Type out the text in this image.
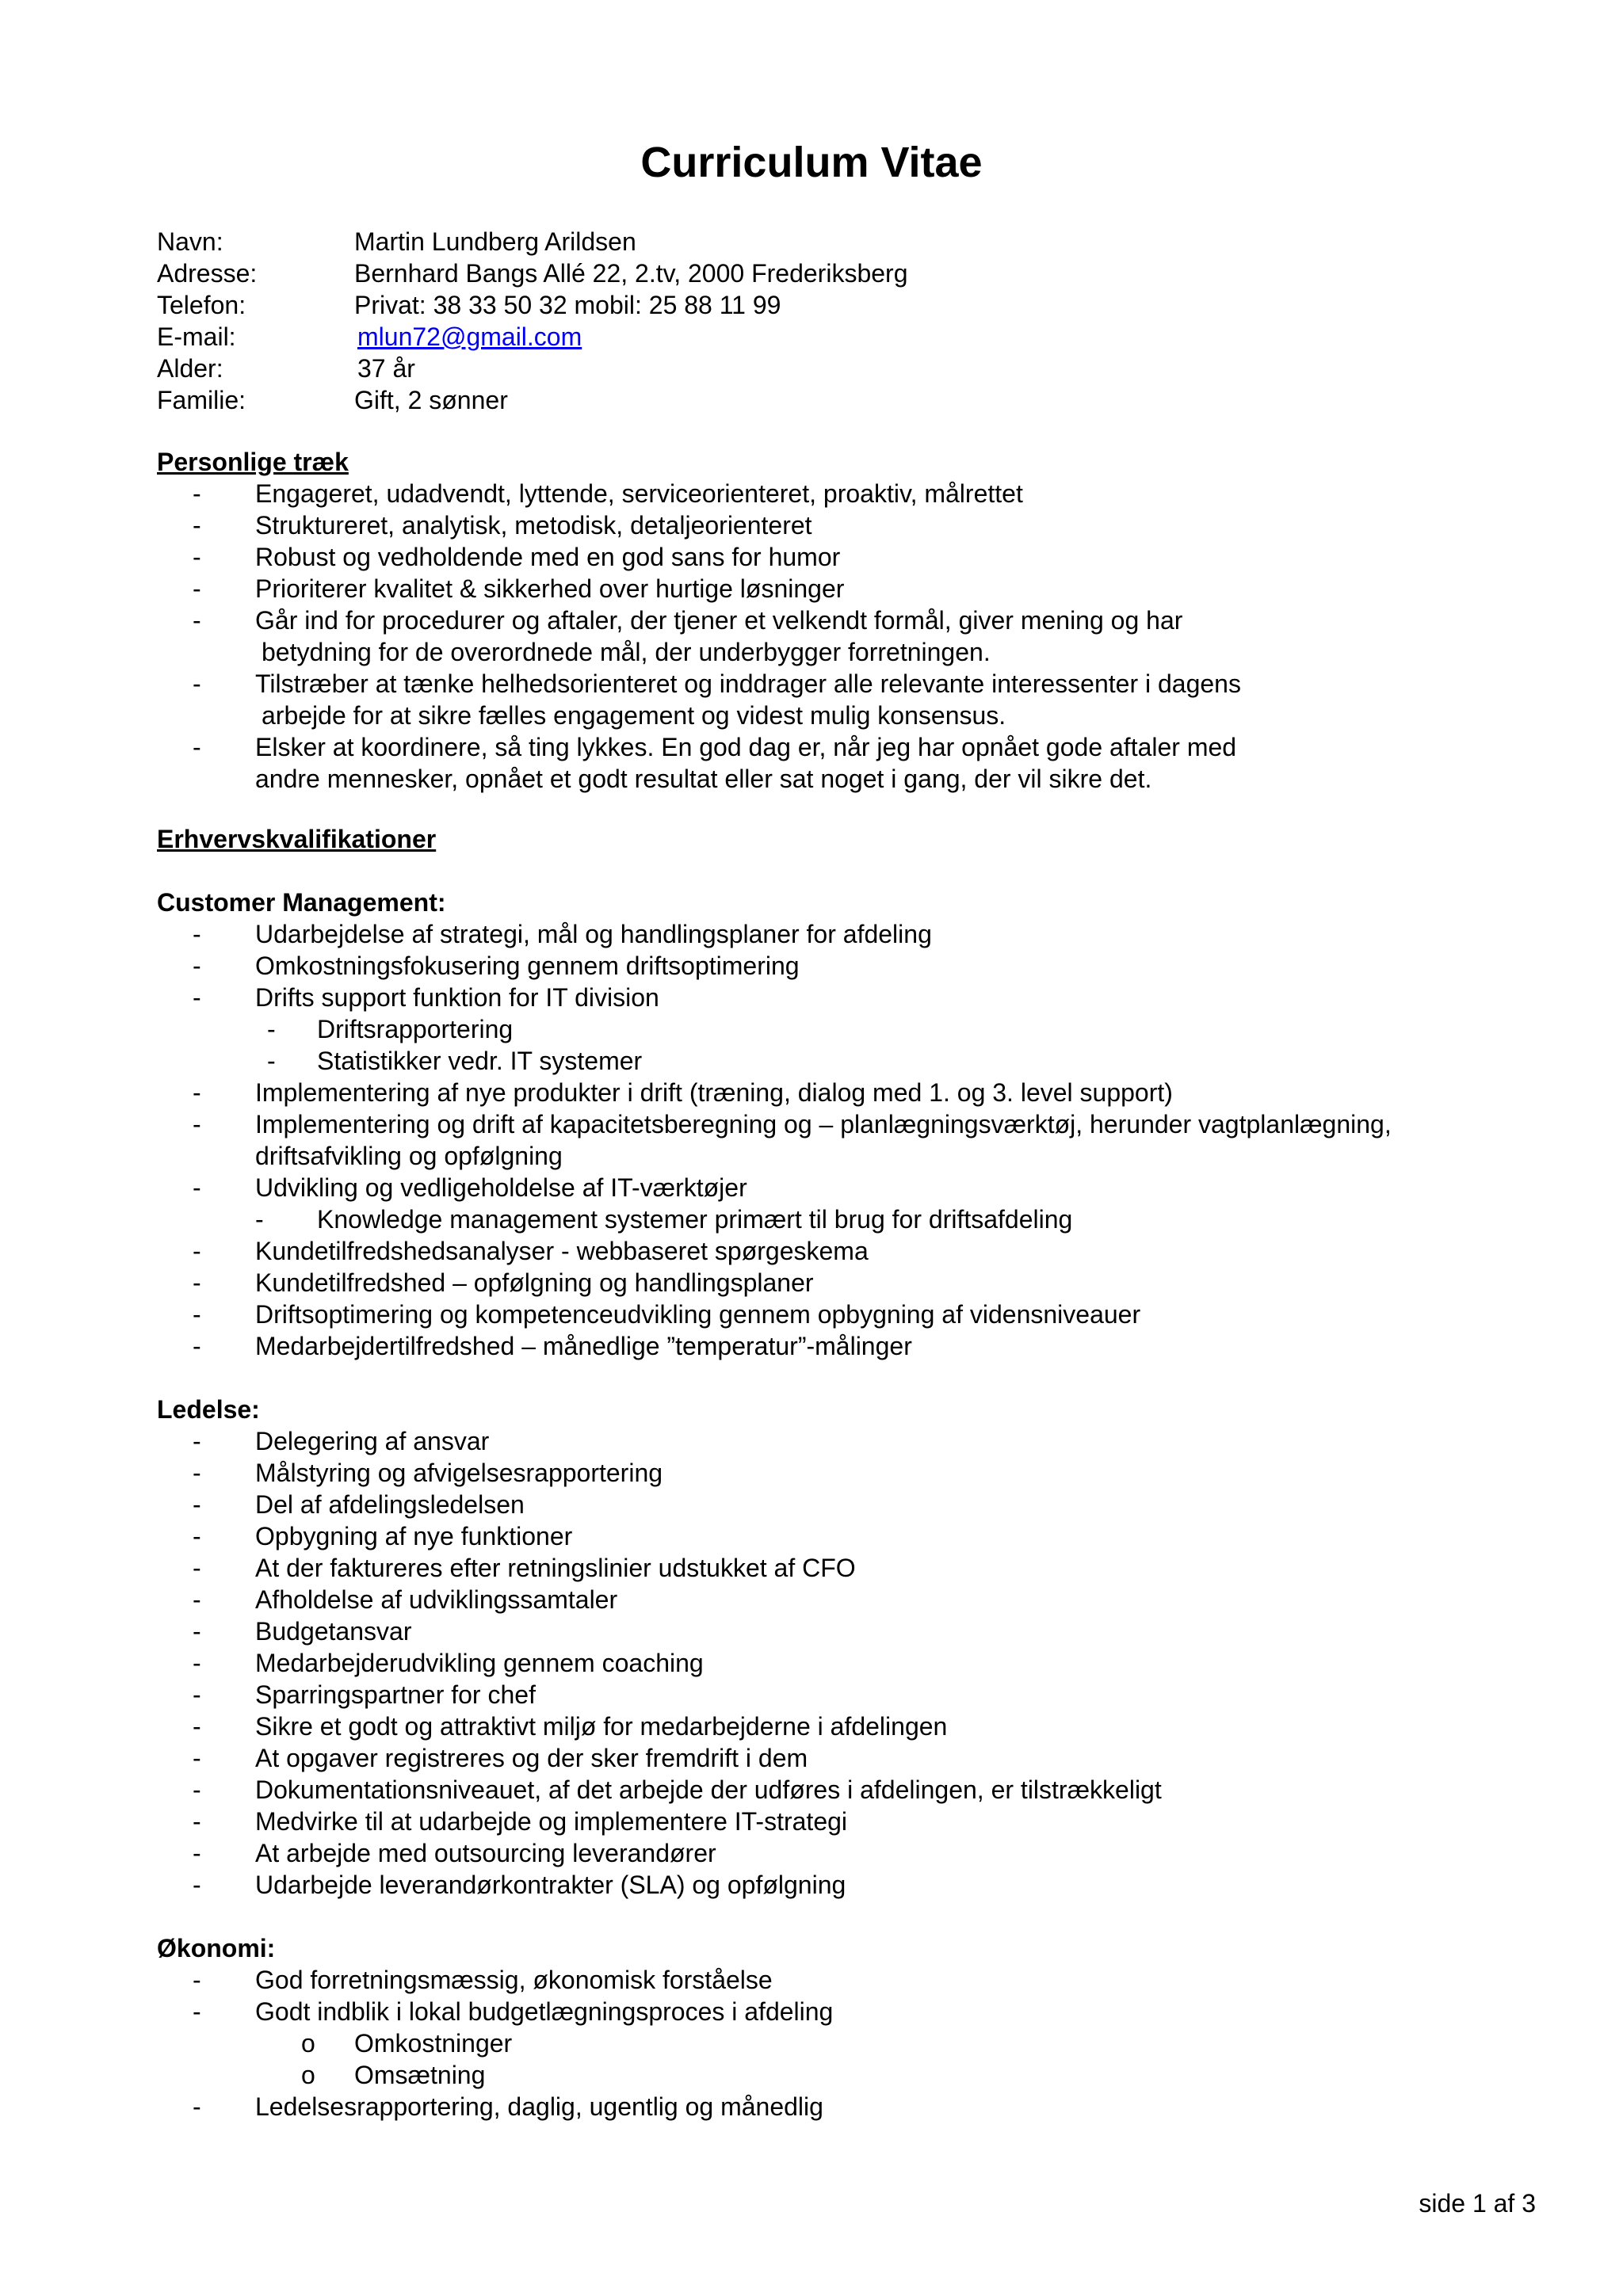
Curriculum Vitae
Navn:	Martin Lundberg Arildsen
Adresse:	Bernhard Bangs Allé 22, 2.tv, 2000 Frederiksberg
Telefon:	Privat: 38 33 50 32 mobil: 25 88 11 99
E-mail:	mlun72@gmail.com
Alder:	37 år
Familie:	Gift, 2 sønner
Personlige træk
- Engageret, udadvendt, lyttende, serviceorienteret, proaktiv, målrettet
- Struktureret, analytisk, metodisk, detaljeorienteret
- Robust og vedholdende med en god sans for humor
- Prioriterer kvalitet & sikkerhed over hurtige løsninger
- Går ind for procedurer og aftaler, der tjener et velkendt formål, giver mening og har
betydning for de overordnede mål, der underbygger forretningen.
- Tilstræber at tænke helhedsorienteret og inddrager alle relevante interessenter i dagens
arbejde for at sikre fælles engagement og videst mulig konsensus.
- Elsker at koordinere, så ting lykkes. En god dag er, når jeg har opnået gode aftaler med
andre mennesker, opnået et godt resultat eller sat noget i gang, der vil sikre det.
Erhvervskvalifikationer
Customer Management:
- Udarbejdelse af strategi, mål og handlingsplaner for afdeling
- Omkostningsfokusering gennem driftsoptimering
- Drifts support funktion for IT division
- Driftsrapportering
- Statistikker vedr. IT systemer
- Implementering af nye produkter i drift (træning, dialog med 1. og 3. level support)
- Implementering og drift af kapacitetsberegning og – planlægningsværktøj, herunder vagtplanlægning,
driftsafvikling og opfølgning
- Udvikling og vedligeholdelse af IT-værktøjer
- Knowledge management systemer primært til brug for driftsafdeling
- Kundetilfredshedsanalyser - webbaseret spørgeskema
- Kundetilfredshed – opfølgning og handlingsplaner
- Driftsoptimering og kompetenceudvikling gennem opbygning af vidensniveauer
- Medarbejdertilfredshed – månedlige ”temperatur”-målinger
Ledelse:
- Delegering af ansvar
- Målstyring og afvigelsesrapportering
- Del af afdelingsledelsen
- Opbygning af nye funktioner
- At der faktureres efter retningslinier udstukket af CFO
- Afholdelse af udviklingssamtaler
- Budgetansvar
- Medarbejderudvikling gennem coaching
- Sparringspartner for chef
- Sikre et godt og attraktivt miljø for medarbejderne i afdelingen
- At opgaver registreres og der sker fremdrift i dem
- Dokumentationsniveauet, af det arbejde der udføres i afdelingen, er tilstrækkeligt
- Medvirke til at udarbejde og implementere IT-strategi
- At arbejde med outsourcing leverandører
- Udarbejde leverandørkontrakter (SLA) og opfølgning
Økonomi:
- God forretningsmæssig, økonomisk forståelse
- Godt indblik i lokal budgetlægningsproces i afdeling
o Omkostninger
o Omsætning
- Ledelsesrapportering, daglig, ugentlig og månedlig
side 1 af 3
